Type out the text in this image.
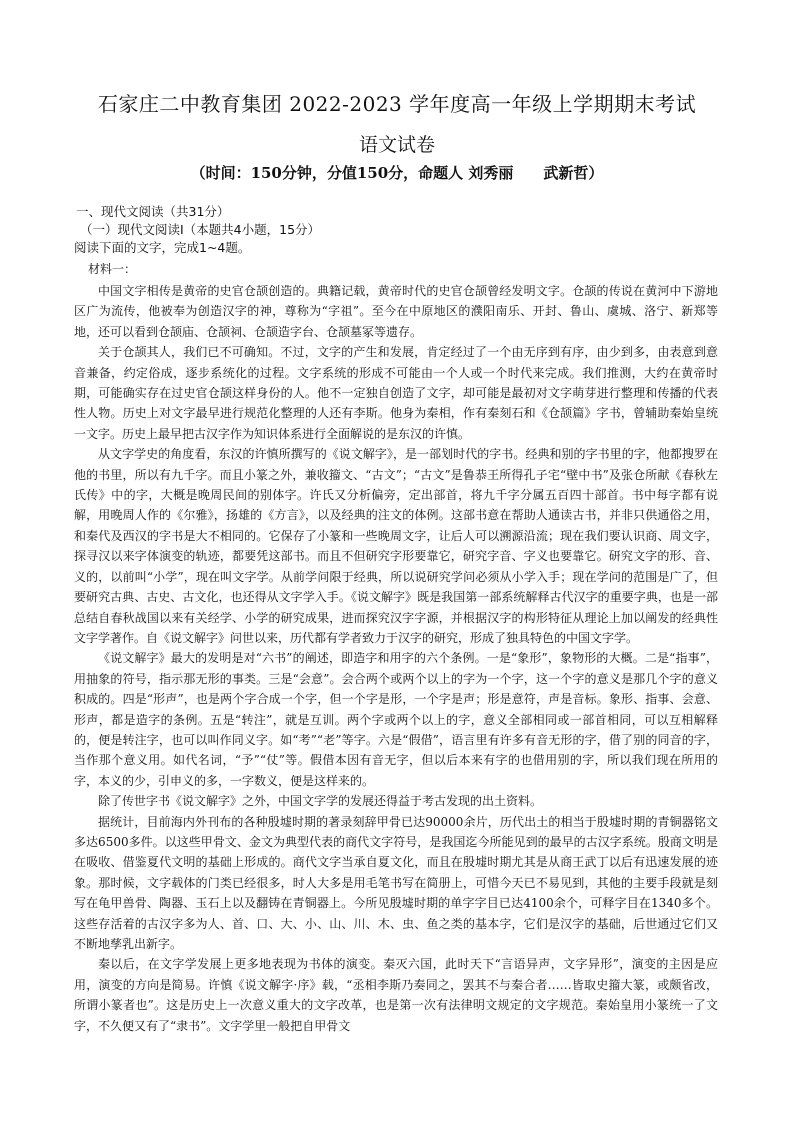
石家庄二中教育集团 2022-2023 学年度高一年级上学期期末考试
语文试卷
（时间：150分钟，分值150分，命题人 刘秀丽　　武新哲）
一、现代文阅读（共31分）
（一）现代文阅读Ⅰ（本题共4小题，15分）
阅读下面的文字，完成1~4题。
材料一：

中国文字相传是黄帝的史官仓颉创造的。典籍记载，黄帝时代的史官仓颉曾经发明文字。仓颉的传说在黄河中下游地区广为流传，他被奉为创造汉字的神，尊称为“字祖”。至今在中原地区的濮阳南乐、开封、鲁山、虞城、洛宁、新郑等地，还可以看到仓颉庙、仓颉祠、仓颉造字台、仓颉墓冢等遗存。

关于仓颉其人，我们已不可确知。不过，文字的产生和发展，肯定经过了一个由无序到有序，由少到多，由表意到意音兼备，约定俗成，逐步系统化的过程。文字系统的形成不可能由一个人或一个时代来完成。我们推测，大约在黄帝时期，可能确实存在过史官仓颉这样身份的人。他不一定独自创造了文字，却可能是最初对文字萌芽进行整理和传播的代表性人物。历史上对文字最早进行规范化整理的人还有李斯。他身为秦相，作有秦刻石和《仓颉篇》字书，曾辅助秦始皇统一文字。历史上最早把古汉字作为知识体系进行全面解说的是东汉的许慎。

从文字学史的角度看，东汉的许慎所撰写的《说文解字》，是一部划时代的字书。经典和别的字书里的字，他都搜罗在他的书里，所以有九千字。而且小篆之外，兼收籀文、“古文”；“古文”是鲁恭王所得孔子宅“壁中书”及张仓所献《春秋左氏传》中的字，大概是晚周民间的别体字。许氏又分析偏旁，定出部首，将九千字分属五百四十部首。书中每字都有说解，用晚周人作的《尔雅》，扬雄的《方言》，以及经典的注文的体例。这部书意在帮助人通读古书，并非只供通俗之用，和秦代及西汉的字书是大不相同的。它保存了小篆和一些晚周文字，让后人可以溯源沿流；现在我们要认识商、周文字，探寻汉以来字体演变的轨迹，都要凭这部书。而且不但研究字形要靠它，研究字音、字义也要靠它。研究文字的形、音、义的，以前叫“小学”，现在叫文字学。从前学问限于经典，所以说研究学问必须从小学入手；现在学问的范围是广了，但要研究古典、古史、古文化，也还得从文字学入手。《说文解字》既是我国第一部系统解释古代汉字的重要字典，也是一部总结自春秋战国以来有关经学、小学的研究成果，进而探究汉字字源，并根据汉字的构形特征从理论上加以阐发的经典性文字学著作。自《说文解字》问世以来，历代都有学者致力于汉字的研究，形成了独具特色的中国文字学。

《说文解字》最大的发明是对“六书”的阐述，即造字和用字的六个条例。一是“象形”，象物形的大概。二是“指事”，用抽象的符号，指示那无形的事类。三是“会意”。会合两个或两个以上的字为一个字，这一个字的意义是那几个字的意义积成的。四是“形声”，也是两个字合成一个字，但一个字是形，一个字是声；形是意符，声是音标。象形、指事、会意、形声，都是造字的条例。五是“转注”，就是互训。两个字或两个以上的字，意义全部相同或一部首相同，可以互相解释的，便是转注字，也可以叫作同义字。如“考”“老”等字。六是“假借”，语言里有许多有音无形的字，借了别的同音的字，当作那个意义用。如代名词，“予”“仗”等。假借本因有音无字，但以后本来有字的也借用别的字，所以我们现在所用的字，本义的少，引申义的多，一字数义，便是这样来的。

除了传世字书《说文解字》之外，中国文字学的发展还得益于考古发现的出土资料。

据统计，目前海内外刊布的各种殷墟时期的著录刻辞甲骨已达90000余片，历代出土的相当于殷墟时期的青铜器铭文多达6500多件。以这些甲骨文、金文为典型代表的商代文字符号，是我国迄今所能见到的最早的古汉字系统。殷商文明是在吸收、借鉴夏代文明的基础上形成的。商代文字当承自夏文化，而且在殷墟时期尤其是从商王武丁以后有迅速发展的迹象。那时候，文字载体的门类已经很多，时人大多是用毛笔书写在简册上，可惜今天已不易见到，其他的主要手段就是刻写在龟甲兽骨、陶器、玉石上以及翻铸在青铜器上。今所见殷墟时期的单字字目已达4100余个，可释字目在1340多个。这些存活着的古汉字多为人、首、口、大、小、山、川、木、虫、鱼之类的基本字，它们是汉字的基础，后世通过它们又不断地孳乳出新字。

秦以后，在文字学发展上更多地表现为书体的演变。秦灭六国，此时天下“言语异声，文字异形”，演变的主因是应用，演变的方向是简易。许慎《说文解字·序》载，“丞相李斯乃奏同之，罢其不与秦合者……皆取史籀大篆，或颇省改，所谓小篆者也”。这是历史上一次意义重大的文字改革，也是第一次有法律明文规定的文字规范。秦始皇用小篆统一了文字，不久便又有了“隶书”。文字学里一般把自甲骨文
